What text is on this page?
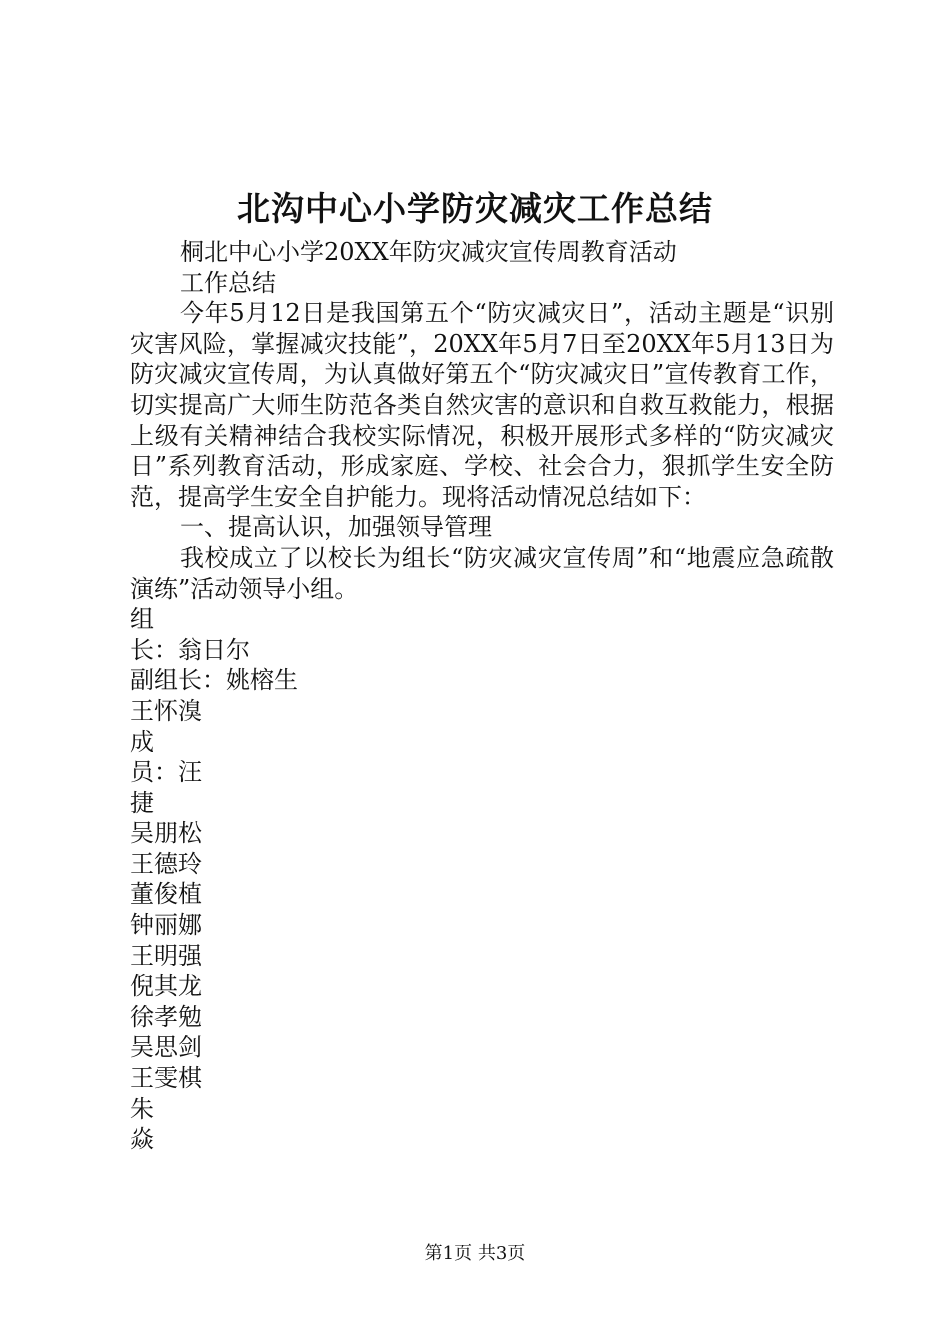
北沟中心小学防灾减灾工作总结

桐北中心小学20XX年防灾减灾宣传周教育活动

工作总结

今年5月12日是我国第五个“防灾减灾日”，活动主题是“识别灾害风险，掌握减灾技能”，20XX年5月7日至20XX年5月13日为防灾减灾宣传周，为认真做好第五个“防灾减灾日”宣传教育工作，切实提高广大师生防范各类自然灾害的意识和自救互救能力，根据上级有关精神结合我校实际情况，积极开展形式多样的“防灾减灾日”系列教育活动，形成家庭、学校、社会合力，狠抓学生安全防范，提高学生安全自护能力。现将活动情况总结如下：

一、提高认识，加强领导管理

我校成立了以校长为组长“防灾减灾宣传周”和“地震应急疏散演练”活动领导小组。

组

长：翁日尔

副组长：姚榕生

王怀溴

成

员：汪

捷

吴朋松

王德玲

董俊植

钟丽娜

王明强

倪其龙

徐孝勉

吴思剑

王雯棋

朱

焱

第1页 共3页
